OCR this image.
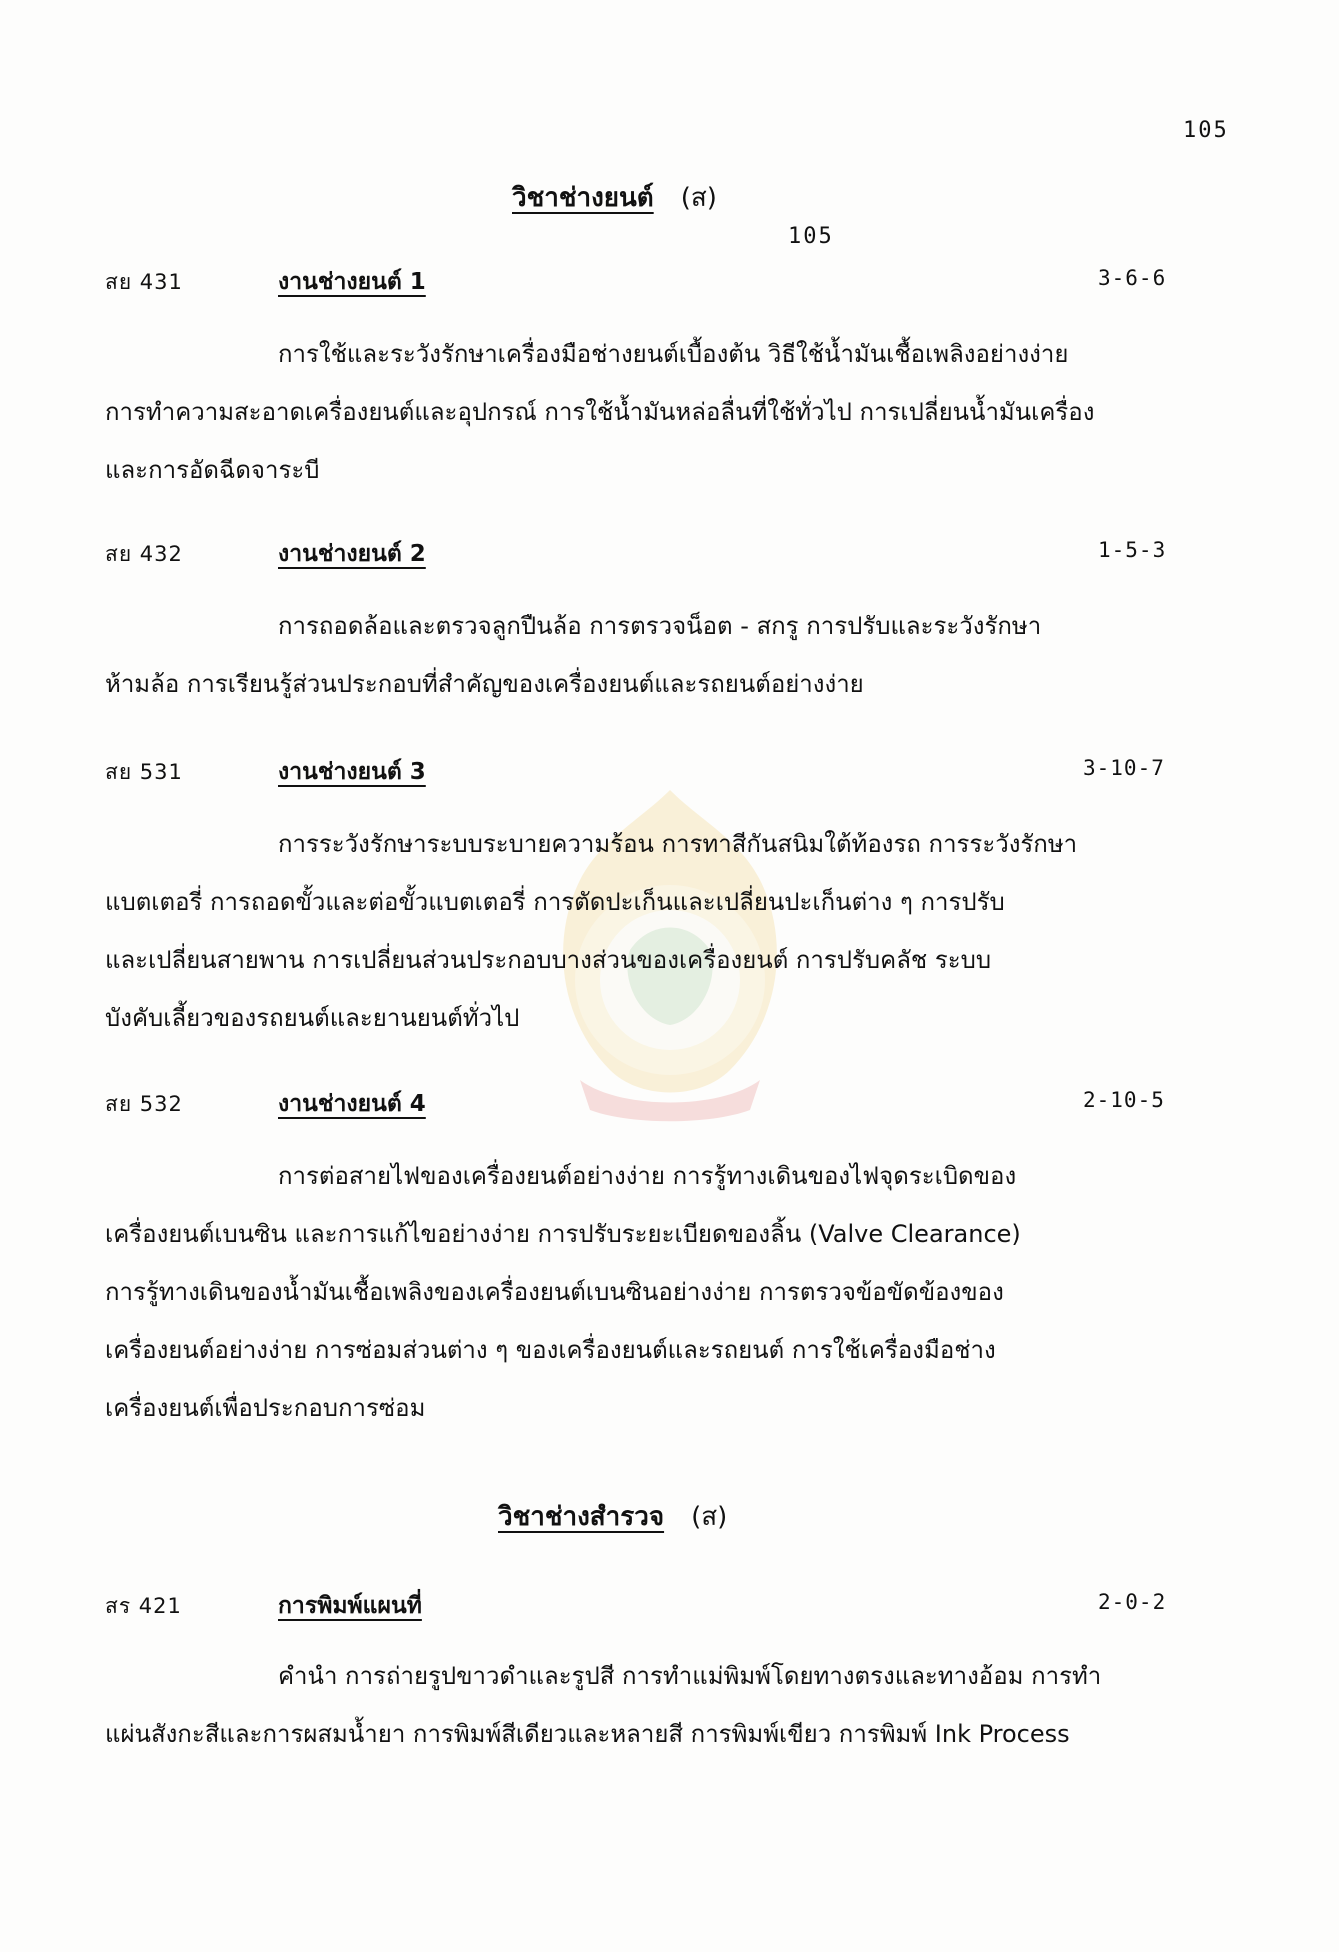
105
105
วิชาช่างยนต์ (ส)
สย 431	งานช่างยนต์ 1	3-6-6
การใช้และระวังรักษาเครื่องมือช่างยนต์เบื้องต้น วิธีใช้น้ำมันเชื้อเพลิงอย่างง่าย
การทำความสะอาดเครื่องยนต์และอุปกรณ์ การใช้น้ำมันหล่อลื่นที่ใช้ทั่วไป การเปลี่ยนน้ำมันเครื่อง
และการอัดฉีดจาระบี
สย 432	งานช่างยนต์ 2	1-5-3
การถอดล้อและตรวจลูกปืนล้อ การตรวจน็อต - สกรู การปรับและระวังรักษา
ห้ามล้อ การเรียนรู้ส่วนประกอบที่สำคัญของเครื่องยนต์และรถยนต์อย่างง่าย
สย 531	งานช่างยนต์ 3	3-10-7
การระวังรักษาระบบระบายความร้อน การทาสีกันสนิมใต้ท้องรถ การระวังรักษา
แบตเตอรี่ การถอดขั้วและต่อขั้วแบตเตอรี่ การตัดปะเก็นและเปลี่ยนปะเก็นต่าง ๆ การปรับ
และเปลี่ยนสายพาน การเปลี่ยนส่วนประกอบบางส่วนของเครื่องยนต์ การปรับคลัช ระบบ
บังคับเลี้ยวของรถยนต์และยานยนต์ทั่วไป
สย 532	งานช่างยนต์ 4	2-10-5
การต่อสายไฟของเครื่องยนต์อย่างง่าย การรู้ทางเดินของไฟจุดระเบิดของ
เครื่องยนต์เบนซิน และการแก้ไขอย่างง่าย การปรับระยะเบียดของลิ้น (Valve Clearance)
การรู้ทางเดินของน้ำมันเชื้อเพลิงของเครื่องยนต์เบนซินอย่างง่าย การตรวจข้อขัดข้องของ
เครื่องยนต์อย่างง่าย การซ่อมส่วนต่าง ๆ ของเครื่องยนต์และรถยนต์ การใช้เครื่องมือช่าง
เครื่องยนต์เพื่อประกอบการซ่อม
วิชาช่างสำรวจ (ส)
สร 421	การพิมพ์แผนที่	2-0-2
คำนำ การถ่ายรูปขาวดำและรูปสี การทำแม่พิมพ์โดยทางตรงและทางอ้อม การทำ
แผ่นสังกะสีและการผสมน้ำยา การพิมพ์สีเดียวและหลายสี การพิมพ์เขียว การพิมพ์ Ink Process
